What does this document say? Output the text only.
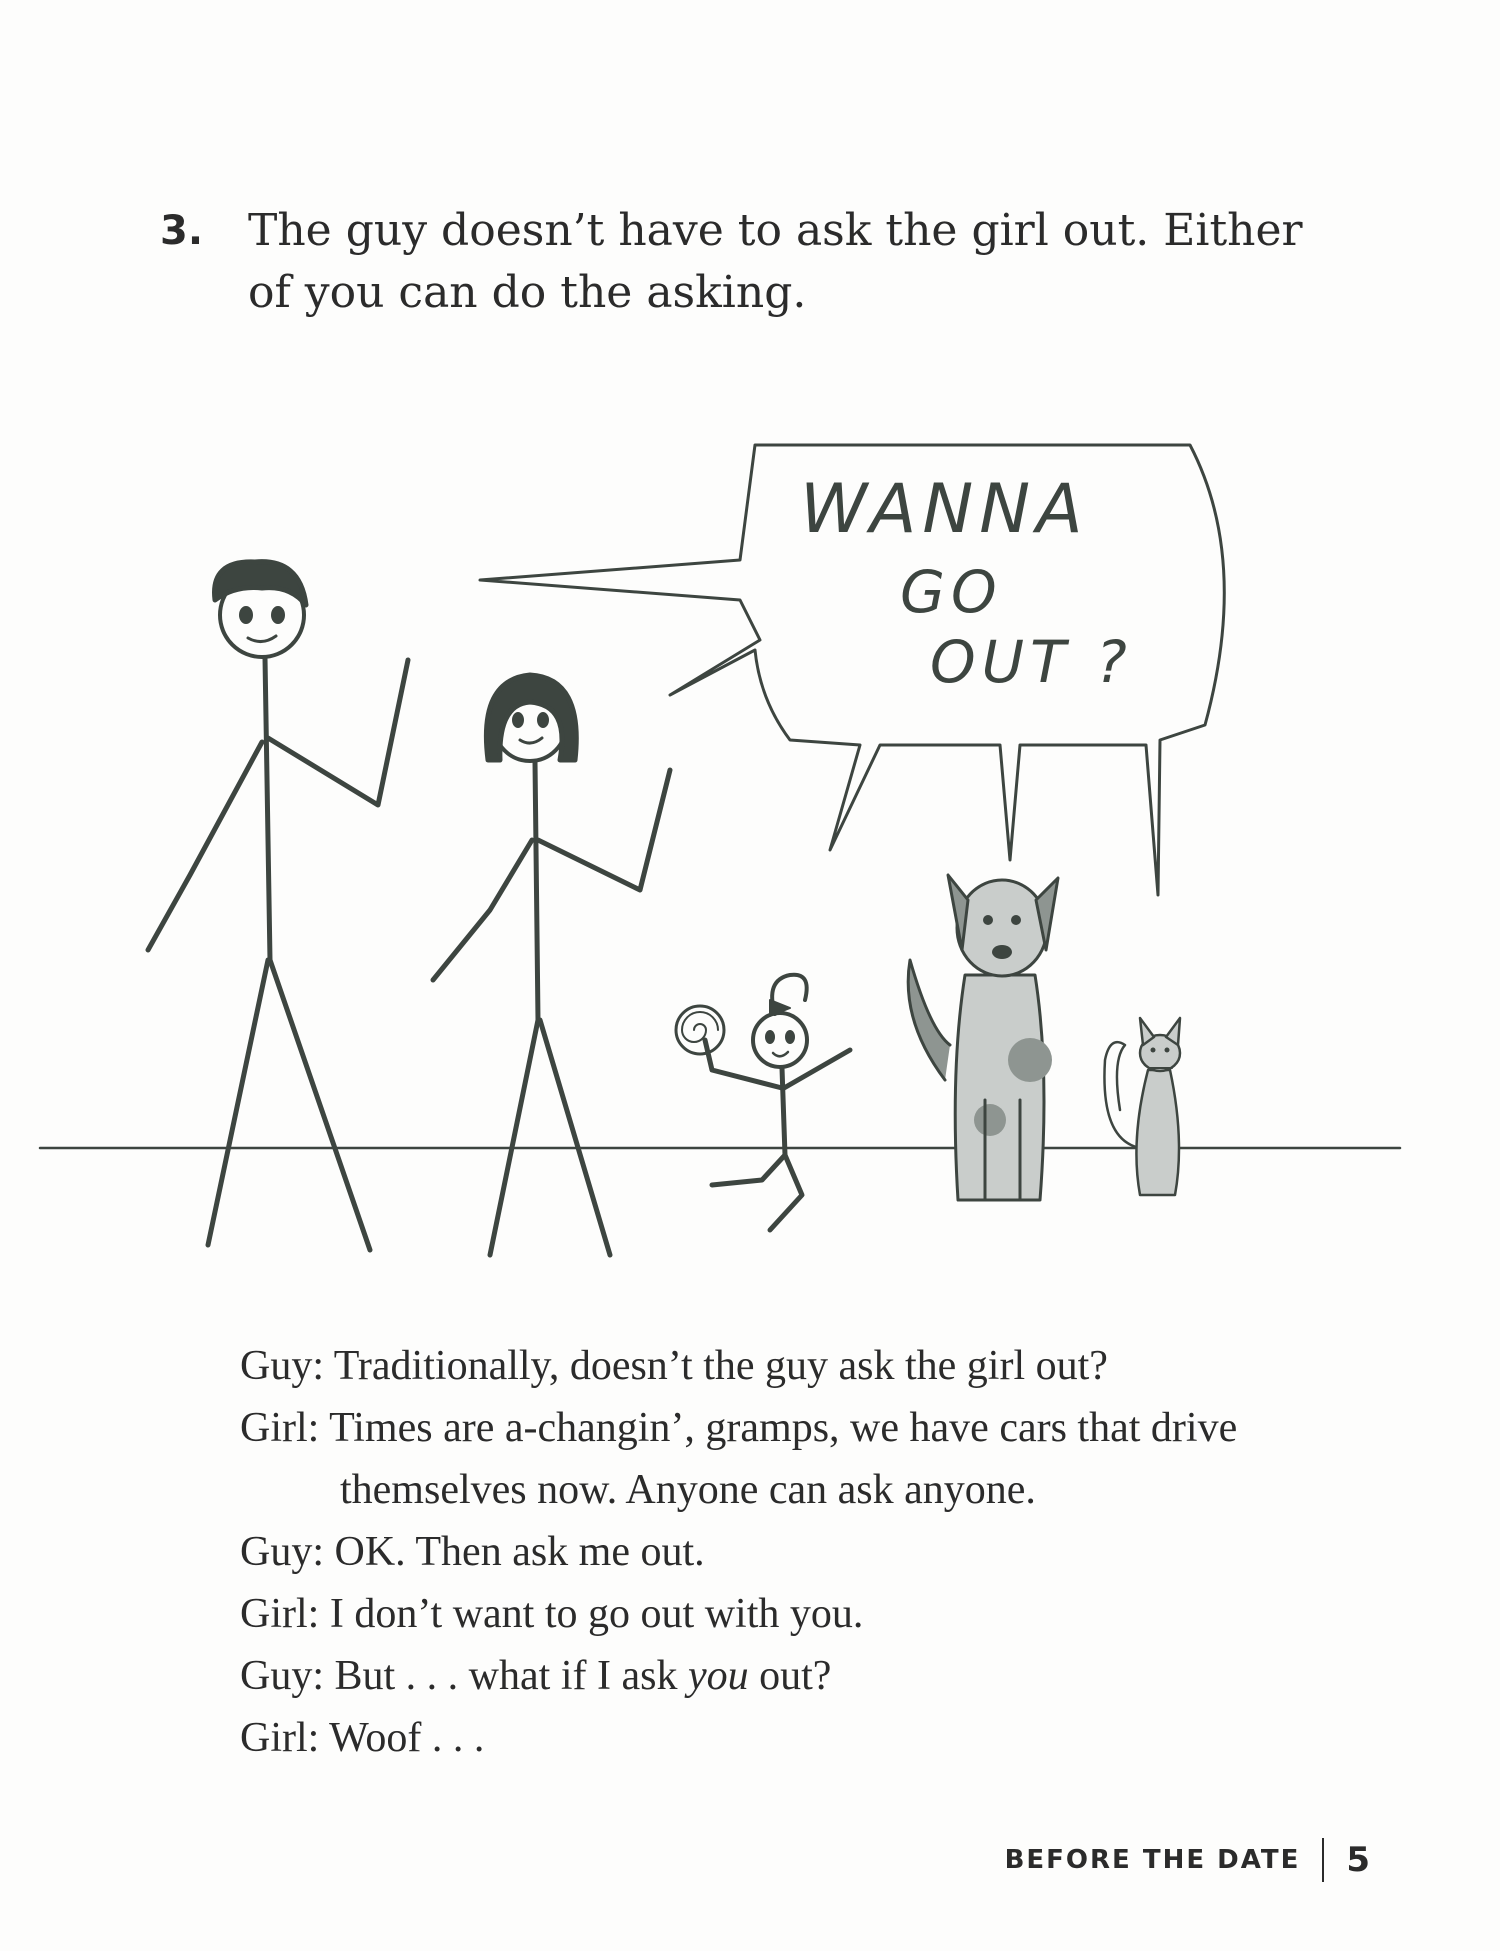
3. The guy doesn’t have to ask the girl out. Either of you can do the asking.
WANNA
GO
OUT ?

Guy: Traditionally, doesn’t the guy ask the girl out?

Girl: Times are a-changin’, gramps, we have cars that drive themselves now. Anyone can ask anyone.

Guy: OK. Then ask me out.

Girl: I don’t want to go out with you.

Guy: But . . . what if I ask you out?

Girl: Woof . . .

BEFORE THE DATE 5
